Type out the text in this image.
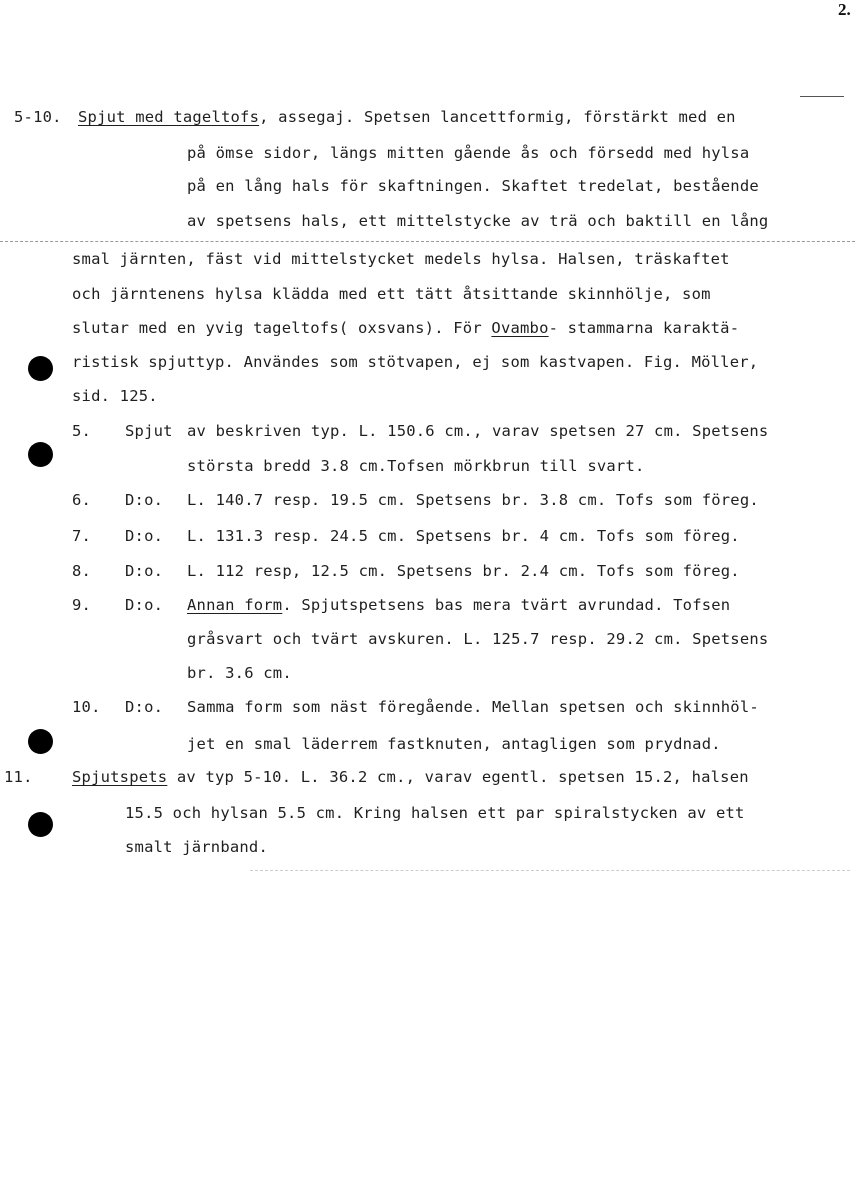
2.
5-10. Spjut med tageltofs, assegaj. Spetsen lancettformig, förstärkt med en
på ömse sidor, längs mitten gående ås och försedd med hylsa
på en lång hals för skaftningen. Skaftet tredelat, bestående
av spetsens hals, ett mittelstycke av trä och baktill en lång
smal järnten, fäst vid mittelstycket medels hylsa. Halsen, träskaftet
och järntenens hylsa klädda med ett tätt åtsittande skinnhölje, som
slutar med en yvig tageltofs( oxsvans). För Ovambo- stammarna karaktä-
ristisk spjuttyp. Användes som stötvapen, ej som kastvapen. Fig. Möller,
sid. 125.
5. Spjut av beskriven typ. L. 150.6 cm., varav spetsen 27 cm. Spetsens
största bredd 3.8 cm.Tofsen mörkbrun till svart.
6. D:o. L. 140.7 resp. 19.5 cm. Spetsens br. 3.8 cm. Tofs som föreg.
7. D:o. L. 131.3 resp. 24.5 cm. Spetsens br. 4 cm. Tofs som föreg.
8. D:o. L. 112 resp, 12.5 cm. Spetsens br. 2.4 cm. Tofs som föreg.
9. D:o. Annan form. Spjutspetsens bas mera tvärt avrundad. Tofsen
gråsvart och tvärt avskuren. L. 125.7 resp. 29.2 cm. Spetsens
br. 3.6 cm.
10. D:o. Samma form som näst föregående. Mellan spetsen och skinnhöl-
jet en smal läderrem fastknuten, antagligen som prydnad.
11.	Spjutspets av typ 5-10. L. 36.2 cm., varav egentl. spetsen 15.2, halsen
15.5 och hylsan 5.5 cm. Kring halsen ett par spiralstycken av ett
smalt järnband.
